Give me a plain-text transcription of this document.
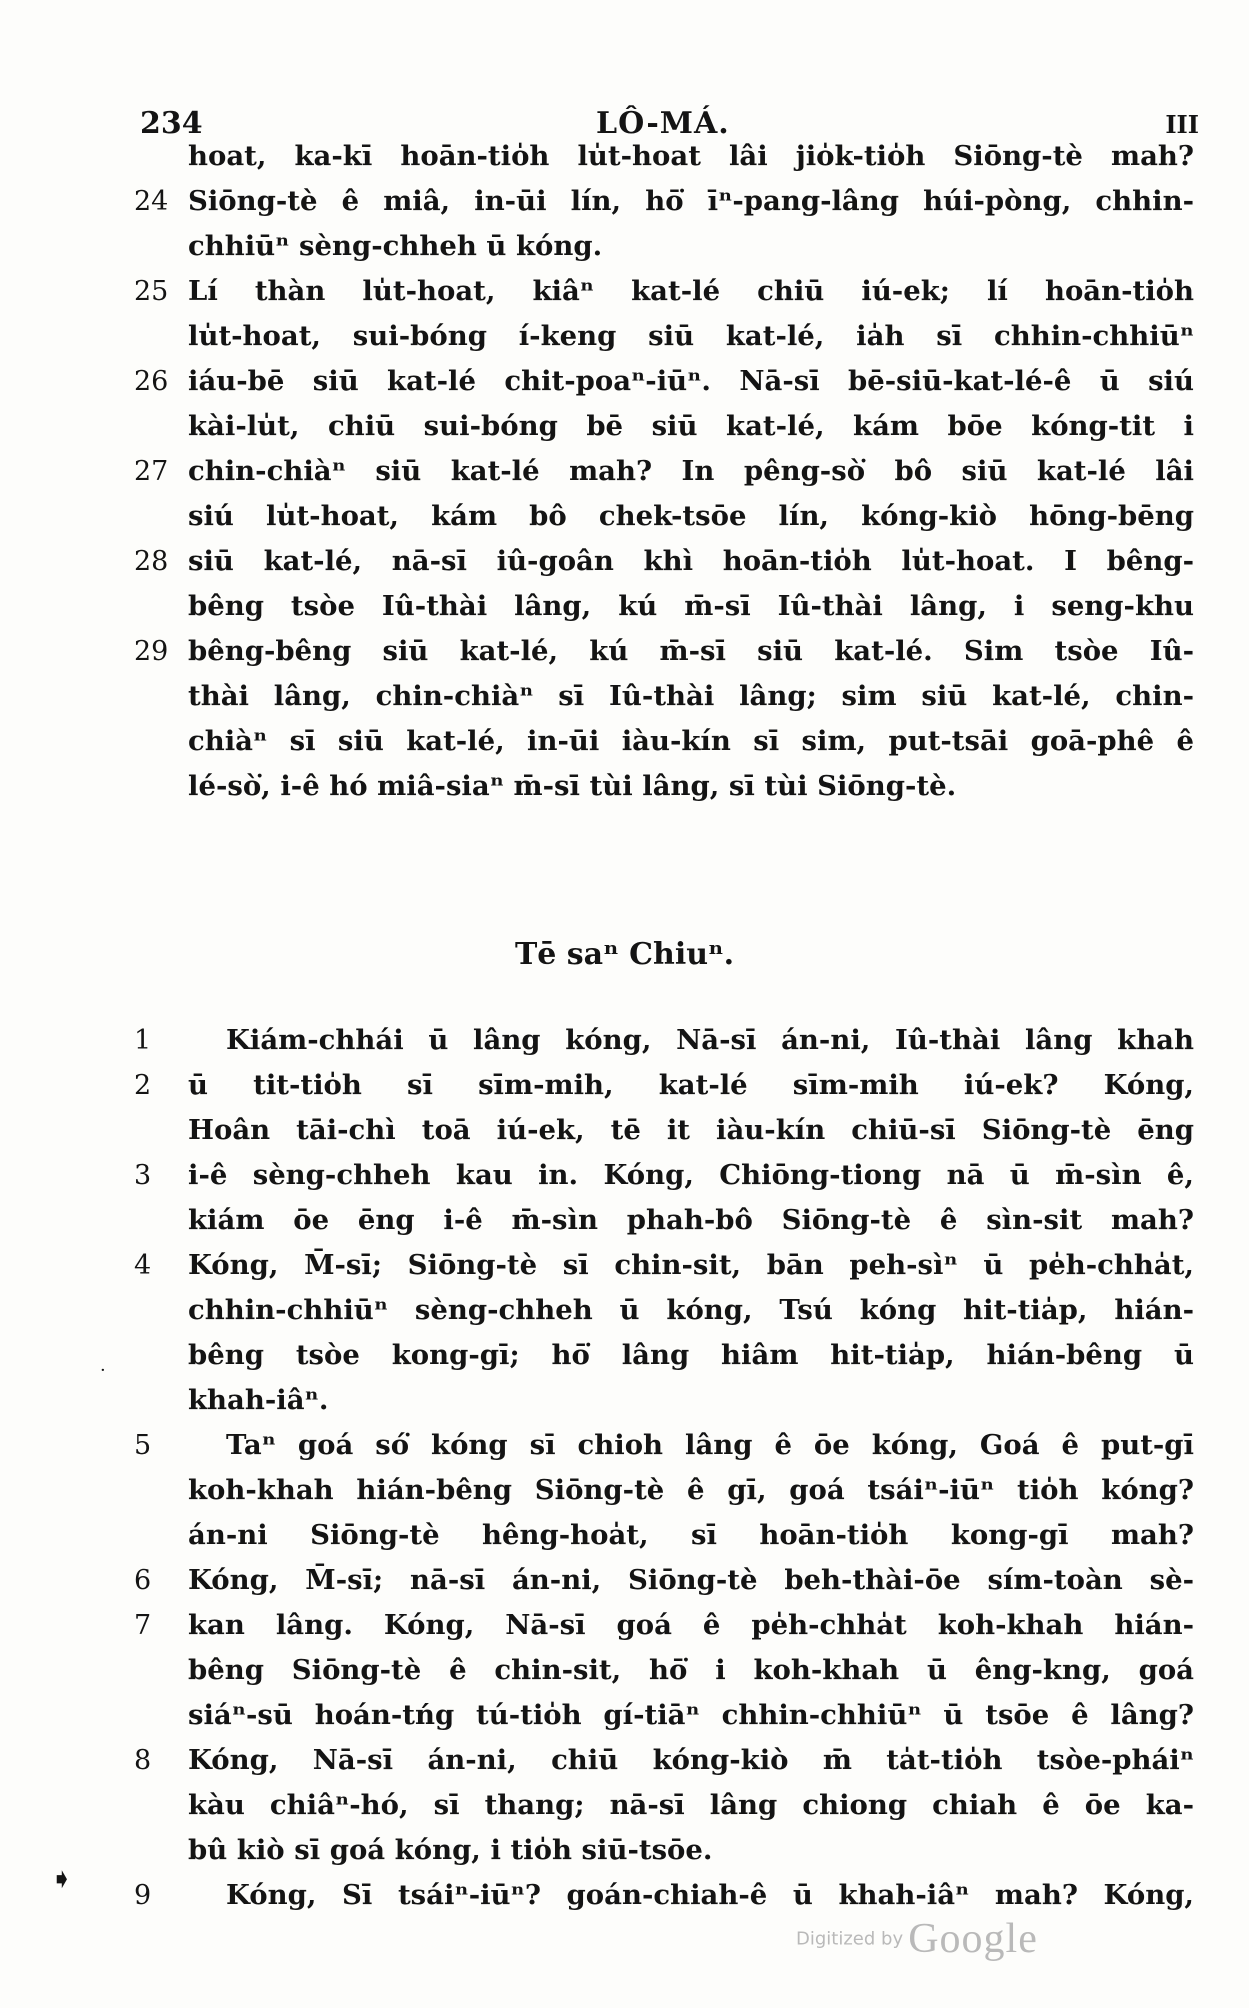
234	LÔ-MÁ.	III
hoat, ka-kī hoān-tio̍h lu̍t-hoat lâi jio̍k-tio̍h Siōng-tè mah?
24 Siōng-tè ê miâ, in-ūi lín, hō͘ īⁿ-pang-lâng húi-pòng, chhin-
chhiūⁿ sèng-chheh ū kóng.
25 Lí thàn lu̍t-hoat, kiâⁿ kat-lé chiū iú-ek; lí hoān-tio̍h
lu̍t-hoat, sui-bóng í-keng siū kat-lé, ia̍h sī chhin-chhiūⁿ
26 iáu-bē siū kat-lé chit-poaⁿ-iūⁿ. Nā-sī bē-siū-kat-lé-ê ū siú
kài-lu̍t, chiū sui-bóng bē siū kat-lé, kám bōe kóng-tit i
27 chin-chiàⁿ siū kat-lé mah? In pêng-sò͘ bô siū kat-lé lâi
siú lu̍t-hoat, kám bô chek-tsōe lín, kóng-kiò hōng-bēng
28 siū kat-lé, nā-sī iû-goân khì hoān-tio̍h lu̍t-hoat. I bêng-
bêng tsòe Iû-thài lâng, kú m̄-sī Iû-thài lâng, i seng-khu
29 bêng-bêng siū kat-lé, kú m̄-sī siū kat-lé. Sim tsòe Iû-
thài lâng, chin-chiàⁿ sī Iû-thài lâng; sim siū kat-lé, chin-
chiàⁿ sī siū kat-lé, in-ūi iàu-kín sī sim, put-tsāi goā-phê ê
lé-sò͘, i-ê hó miâ-siaⁿ m̄-sī tùi lâng, sī tùi Siōng-tè.
Tē saⁿ Chiuⁿ.
1	Kiám-chhái ū lâng kóng, Nā-sī án-ni, Iû-thài lâng khah
2	ū tit-tio̍h sī sīm-mih, kat-lé sīm-mih iú-ek? Kóng,
Hoân tāi-chì toā iú-ek, tē it iàu-kín chiū-sī Siōng-tè ēng
3	i-ê sèng-chheh kau in. Kóng, Chiōng-tiong nā ū m̄-sìn ê,
kiám ōe ēng i-ê m̄-sìn phah-bô Siōng-tè ê sìn-sit mah?
4	Kóng, M̄-sī; Siōng-tè sī chin-sit, bān peh-sìⁿ ū pe̍h-chha̍t,
chhin-chhiūⁿ sèng-chheh ū kóng, Tsú kóng hit-tia̍p, hián-
bêng tsòe kong-gī; hō͘ lâng hiâm hit-tia̍p, hián-bêng ū
khah-iâⁿ.
5	Taⁿ goá só͘ kóng sī chioh lâng ê ōe kóng, Goá ê put-gī
koh-khah hián-bêng Siōng-tè ê gī, goá tsáiⁿ-iūⁿ tio̍h kóng?
án-ni Siōng-tè hêng-hoa̍t, sī hoān-tio̍h kong-gī mah?
6	Kóng, M̄-sī; nā-sī án-ni, Siōng-tè beh-thài-ōe sím-toàn sè-
7	kan lâng. Kóng, Nā-sī goá ê pe̍h-chha̍t koh-khah hián-
bêng Siōng-tè ê chin-sit, hō͘ i koh-khah ū êng-kng, goá
siáⁿ-sū hoán-tńg tú-tio̍h gí-tiāⁿ chhin-chhiūⁿ ū tsōe ê lâng?
8	Kóng, Nā-sī án-ni, chiū kóng-kiò m̄ ta̍t-tio̍h tsòe-pháiⁿ
kàu chiâⁿ-hó, sī thang; nā-sī lâng chiong chiah ê ōe ka-
bû kiò sī goá kóng, i tio̍h siū-tsōe.
9	Kóng, Sī tsáiⁿ-iūⁿ? goán-chiah-ê ū khah-iâⁿ mah? Kóng,
·
➧
Digitized by Google
